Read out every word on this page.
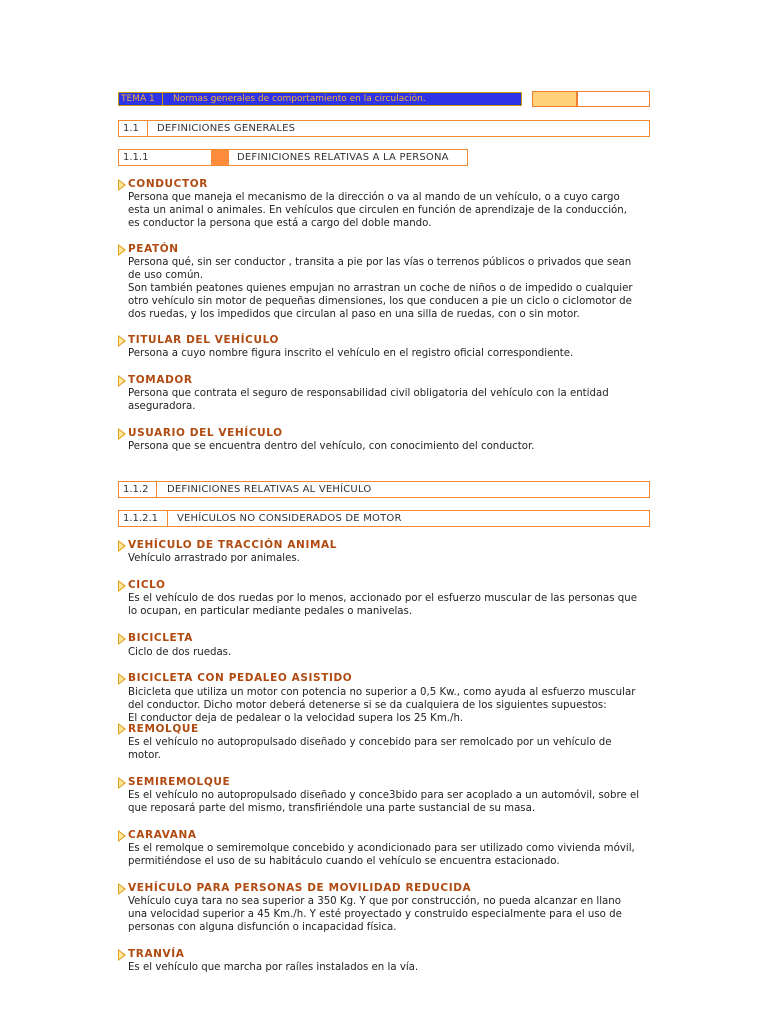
TEMA 1	Normas generales de comportamiento en la circulación.
1.1	DEFINICIONES GENERALES
1.1.1	DEFINICIONES RELATIVAS A LA PERSONA
CONDUCTOR

Persona que maneja el mecanismo de la dirección o va al mando de un vehículo, o a cuyo cargo

esta un animal o animales. En vehículos que circulen en función de aprendizaje de la conducción,

es conductor la persona que está a cargo del doble mando.

PEATÓN

Persona qué, sin ser conductor , transita a pie por las vías o terrenos públicos o privados que sean

de uso común.

Son también peatones quienes empujan no arrastran un coche de niños o de impedido o cualquier

otro vehículo sin motor de pequeñas dimensiones, los que conducen a pie un ciclo o ciclomotor de

dos ruedas, y los impedidos que circulan al paso en una silla de ruedas, con o sin motor.

TITULAR DEL VEHÍCULO

Persona a cuyo nombre figura inscrito el vehículo en el registro oficial correspondiente.

TOMADOR

Persona que contrata el seguro de responsabilidad civil obligatoria del vehículo con la entidad

aseguradora.

USUARIO DEL VEHÍCULO

Persona que se encuentra dentro del vehículo, con conocimiento del conductor.

1.1.2	DEFINICIONES RELATIVAS AL VEHÍCULO
1.1.2.1	VEHÍCULOS NO CONSIDERADOS DE MOTOR
VEHÍCULO DE TRACCIÓN ANIMAL

Vehículo arrastrado por animales.

CICLO

Es el vehículo de dos ruedas por lo menos, accionado por el esfuerzo muscular de las personas que

lo ocupan, en particular mediante pedales o manivelas.

BICICLETA

Ciclo de dos ruedas.

BICICLETA CON PEDALEO ASISTIDO

Bicicleta que utiliza un motor con potencia no superior a 0,5 Kw., como ayuda al esfuerzo muscular

del conductor. Dicho motor deberá detenerse si se da cualquiera de los siguientes supuestos:

El conductor deja de pedalear o la velocidad supera los 25 Km./h.

REMOLQUE

Es el vehículo no autopropulsado diseñado y concebido para ser remolcado por un vehículo de

motor.

SEMIREMOLQUE

Es el vehículo no autopropulsado diseñado y conce3bido para ser acoplado a un automóvil, sobre el

que reposará parte del mismo, transfiriéndole una parte sustancial de su masa.

CARAVANA

Es el remolque o semiremolque concebido y acondicionado para ser utilizado como vivienda móvil,

permitiéndose el uso de su habitáculo cuando el vehículo se encuentra estacionado.

VEHÍCULO PARA PERSONAS DE MOVILIDAD REDUCIDA

Vehículo cuya tara no sea superior a 350 Kg. Y que por construcción, no pueda alcanzar en llano

una velocidad superior a 45 Km./h. Y esté proyectado y construido especialmente para el uso de

personas con alguna disfunción o incapacidad física.

TRANVÍA

Es el vehículo que marcha por raíles instalados en la vía.
